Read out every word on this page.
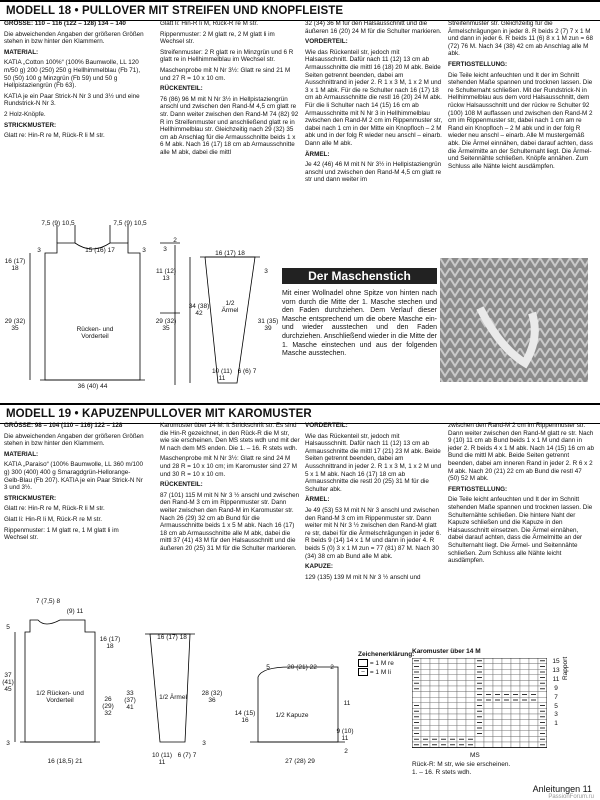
MODELL 18 • PULLOVER MIT STREIFEN UND KNOPFLEISTE

GRÖSSE: 110 – 116 (122 – 128) 134 – 140

Die abweichenden Angaben der größeren Größen stehen in bzw hinter den Klammern.

MATERIAL:

KATIA „Cotton 100%“ (100% Baumwolle, LL 120 m/50 g) 200 (250) 250 g Hellhimmelblau (Fb 71), 50 (50) 100 g Minzgrün (Fb 59) und 50 g Hellpistaziengrün (Fb 63).

KATIA je ein Paar Strick-N Nr 3 und 3½ und eine Rundstrick-N Nr 3.

2 Holz-Knöpfe.

STRICKMUSTER:

Glatt re: Hin-R re M, Rück-R li M str.

Glatt li: Hin-R li M, Rück-R re M str.

Rippenmuster: 2 M glatt re, 2 M glatt li im Wechsel str.

Streifenmuster: 2 R glatt re in Minzgrün und 6 R glatt re in Hellhimmelblau im Wechsel str.

Maschenprobe mit N Nr 3½: Glatt re sind 21 M und 27 R = 10 x 10 cm.

RÜCKENTEIL:

76 (86) 96 M mit N Nr 3½ in Hellpistaziengrün anschl und zwischen den Rand-M 4,5 cm glatt re str. Dann weiter zwischen den Rand-M 74 (82) 92 R im Streifenmuster und anschließend glatt re in Hellhimmelblau str. Gleichzeitig nach 29 (32) 35 cm ab Anschlag für die Armausschnitte beids 1 x 6 M abk. Nach 16 (17) 18 cm ab Armausschnitte alle M abk, dabei die mittl

32 (34) 36 M für den Halsausschnitt und die äußeren 16 (20) 24 M für die Schulter markieren.

VORDERTEIL:

Wie das Rückenteil str, jedoch mit Halsausschnitt. Dafür nach 11 (12) 13 cm ab Armausschnitte die mittl 16 (18) 20 M abk. Beide Seiten getrennt beenden, dabei am Ausschnittrand in jeder 2. R 1 x 3 M, 1 x 2 M und 3 x 1 M abk. Für die re Schulter nach 16 (17) 18 cm ab Armausschnitte die restl 16 (20) 24 M abk. Für die li Schulter nach 14 (15) 16 cm ab Armausschnitte mit N Nr 3 in Hellhimmelblau zwischen den Rand-M 2 cm im Rippenmuster str, dabei nach 1 cm in der Mitte ein Knopfloch – 2 M abk und in der folg R wieder neu anschl – einarb. Dann alle M abk.

ÄRMEL:

Je 42 (46) 46 M mit N Nr 3½ in Hellpistaziengrün anschl und zwischen den Rand-M 4,5 cm glatt re str und dann weiter im

Streifenmuster str. Gleichzeitig für die Ärmelschrägungen in jeder 8. R beids 2 (7) 7 x 1 M und dann in jeder 6. R beids 11 (6) 8 x 1 M zun = 68 (72) 76 M. Nach 34 (38) 42 cm ab Anschlag alle M abk.

FERTIGSTELLUNG:

Die Teile leicht anfeuchten und It der im Schnitt stehenden Maße spannen und trocknen lassen. Die re Schulternaht schließen. Mit der Rundstrick-N in Hellhimmelblau aus dem vord Halsausschnitt, dem rückw Halsausschnitt und der rückw re Schulter 92 (100) 108 M auffassen und zwischen den Rand-M 2 cm im Rippenmuster str, dabei nach 1 cm am re Rand ein Knopfloch – 2 M abk und in der folg R wieder neu anschl – einarb. Alle M mustergemäß abk. Die Ärmel einnähen, dabei darauf achten, dass die Ärmelmitte an der Schulternaht liegt. Die Ärmel- und Seitennähte schließen. Knöpfe annähen. Zum Schluss alle Nähte leicht ausdämpfen.

7,5 (9) 10,5
15 (16) 17
7,5 (9) 10,5
3	3
16 (17) 18
29 (32) 35	Rücken- und Vorderteil
36 (40) 44
2
3
11 (12) 13
29 (32) 35
16 (17) 18
3
34 (38) 42
1/2 Ärmel
31 (35) 39
10 (11) 11
6 (6) 7
Der Maschenstich
Mit einer Wollnadel ohne Spitze von hinten nach vorn durch die Mitte der 1. Masche stechen und den Faden durchziehen. Dem Verlauf dieser Masche entsprechend um die obere Masche ein- und wieder ausstechen und den Faden durchziehen. Anschließend wieder in die Mitte der 1. Masche einstechen und aus der folgenden Masche ausstechen.
MODELL 19 • KAPUZENPULLOVER MIT KAROMUSTER

GRÖSSE: 98 – 104 (110 – 116) 122 – 128

Die abweichenden Angaben der größeren Größen stehen in bzw hinter den Klammern.

MATERIAL:

KATIA „Paraiso“ (100% Baumwolle, LL 360 m/100 g) 300 (400) 400 g Smaragdgrün-Hellorange-Gelb-Blau (Fb 207). KATIA je ein Paar Strick-N Nr 3 und 3½.

STRICKMUSTER:

Glatt re: Hin-R re M, Rück-R li M str.

Glatt li: Hin-R li M, Rück-R re M str.

Rippenmuster: 1 M glatt re, 1 M glatt li im Wechsel str.

Karomuster über 14 M: It Strickschrift str. Es sind die Hin-R gezeichnet, in den Rück-R die M str, wie sie erscheinen. Den MS stets wdh und mit der M nach dem MS enden. Die 1. – 16. R stets wdh.

Maschenprobe mit N Nr 3½: Glatt re sind 24 M und 28 R = 10 x 10 cm; im Karomuster sind 27 M und 30 R = 10 x 10 cm.

RÜCKENTEIL:

87 (101) 115 M mit N Nr 3 ½ anschl und zwischen den Rand-M 3 cm im Rippenmuster str. Dann weiter zwischen den Rand-M im Karomuster str. Nach 26 (29) 32 cm ab Bund für die Armausschnitte beids 1 x 5 M abk. Nach 16 (17) 18 cm ab Armausschnitte alle M abk, dabei die mittl 37 (41) 43 M für den Halsausschnitt und die äußeren 20 (25) 31 M für die Schulter markieren.

VORDERTEIL:

Wie das Rückenteil str, jedoch mit Halsausschnitt. Dafür nach 11 (12) 13 cm ab Armausschnitte die mittl 17 (21) 23 M abk. Beide Seiten getrennt beenden, dabei am Ausschnittrand in jeder 2. R 1 x 3 M, 1 x 2 M und 5 x 1 M abk. Nach 16 (17) 18 cm ab Armausschnitte die restl 20 (25) 31 M für die Schulter abk.

ÄRMEL:

Je 49 (53) 53 M mit N Nr 3 anschl und zwischen den Rand-M 3 cm im Rippenmuster str. Dann weiter mit N Nr 3 ½ zwischen den Rand-M glatt re str, dabei für die Ärmelschrägungen in jeder 6. R beids 9 (14) 14 x 1 M und dann in jeder 4. R beids 5 (0) 3 x 1 M zun = 77 (81) 87 M. Nach 30 (34) 38 cm ab Bund alle M abk.

KAPUZE:

129 (135) 139 M mit N Nr 3 ½ anschl und

zwischen den Rand-M 2 cm im Rippenmuster str. Dann weiter zwischen den Rand-M glatt re str. Nach 9 (10) 11 cm ab Bund beids 1 x 1 M und dann in jeder 2. R beids 4 x 1 M abk. Nach 14 (15) 16 cm ab Bund die mittl M abk. Beide Seiten getrennt beenden, dabei am inneren Rand in jeder 2. R 6 x 2 M abk. Nach 20 (21) 22 cm ab Bund die restl 47 (50) 52 M abk.

FERTIGSTELLUNG:

Die Teile leicht anfeuchten und It der im Schnitt stehenden Maße spannen und trocknen lassen. Die Schulternähte schließen. Die hintere Naht der Kapuze schließen und die Kapuze in den Halsausschnitt einsetzen. Die Ärmel einnähen, dabei darauf achten, dass die Ärmelmitte an der Schulternaht liegt. Die Ärmel- und Seitennähte schließen. Zum Schluss alle Nähte leicht ausdämpfen.

7 (7,5) 8
(9) 11
5
16 (17) 18
37 (41) 45
1/2 Rücken- und Vorderteil	26 (29) 32
33 (37) 41
3
16 (18,5) 21
16 (17) 18
1/2 Ärmel
28 (32) 36
3
10 (11) 11
6 (7) 7
5	20 (21) 22	2
1/2 Kapuze
14 (15) 16
11
9 (10) 11
2
27 (28) 29
Zeichenerklärung:
= 1 M re
– = 1 M li
Karomuster über 14 M
15
13
11
9
7
5
3
1
Rapport
MS
Rück-R: M str, wie sie erscheinen.
1. – 16. R stets wdh.
Anleitungen 11
PassionForum.ru
